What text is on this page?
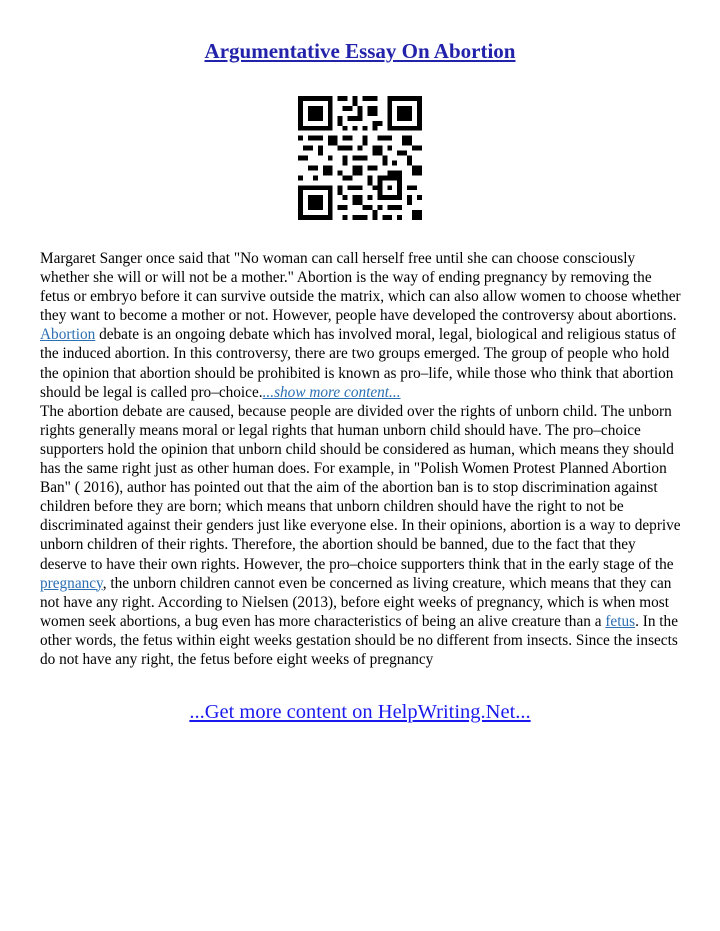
Argumentative Essay On Abortion

Margaret Sanger once said that "No woman can call herself free until she can choose consciously whether she will or will not be a mother." Abortion is the way of ending pregnancy by removing the fetus or embryo before it can survive outside the matrix, which can also allow women to choose whether they want to become a mother or not. However, people have developed the controversy about abortions. Abortion debate is an ongoing debate which has involved moral, legal, biological and religious status of the induced abortion. In this controversy, there are two groups emerged. The group of people who hold the opinion that abortion should be prohibited is known as pro–life, while those who think that abortion should be legal is called pro–choice....show more content...

The abortion debate are caused, because people are divided over the rights of unborn child. The unborn rights generally means moral or legal rights that human unborn child should have. The pro–choice supporters hold the opinion that unborn child should be considered as human, which means they should has the same right just as other human does. For example, in "Polish Women Protest Planned Abortion Ban" ( 2016), author has pointed out that the aim of the abortion ban is to stop discrimination against children before they are born; which means that unborn children should have the right to not be discriminated against their genders just like everyone else. In their opinions, abortion is a way to deprive unborn children of their rights. Therefore, the abortion should be banned, due to the fact that they deserve to have their own rights. However, the pro–choice supporters think that in the early stage of the pregnancy, the unborn children cannot even be concerned as living creature, which means that they can not have any right. According to Nielsen (2013), before eight weeks of pregnancy, which is when most women seek abortions, a bug even has more characteristics of being an alive creature than a fetus. In the other words, the fetus within eight weeks gestation should be no different from insects. Since the insects do not have any right, the fetus before eight weeks of pregnancy

...Get more content on HelpWriting.Net...
